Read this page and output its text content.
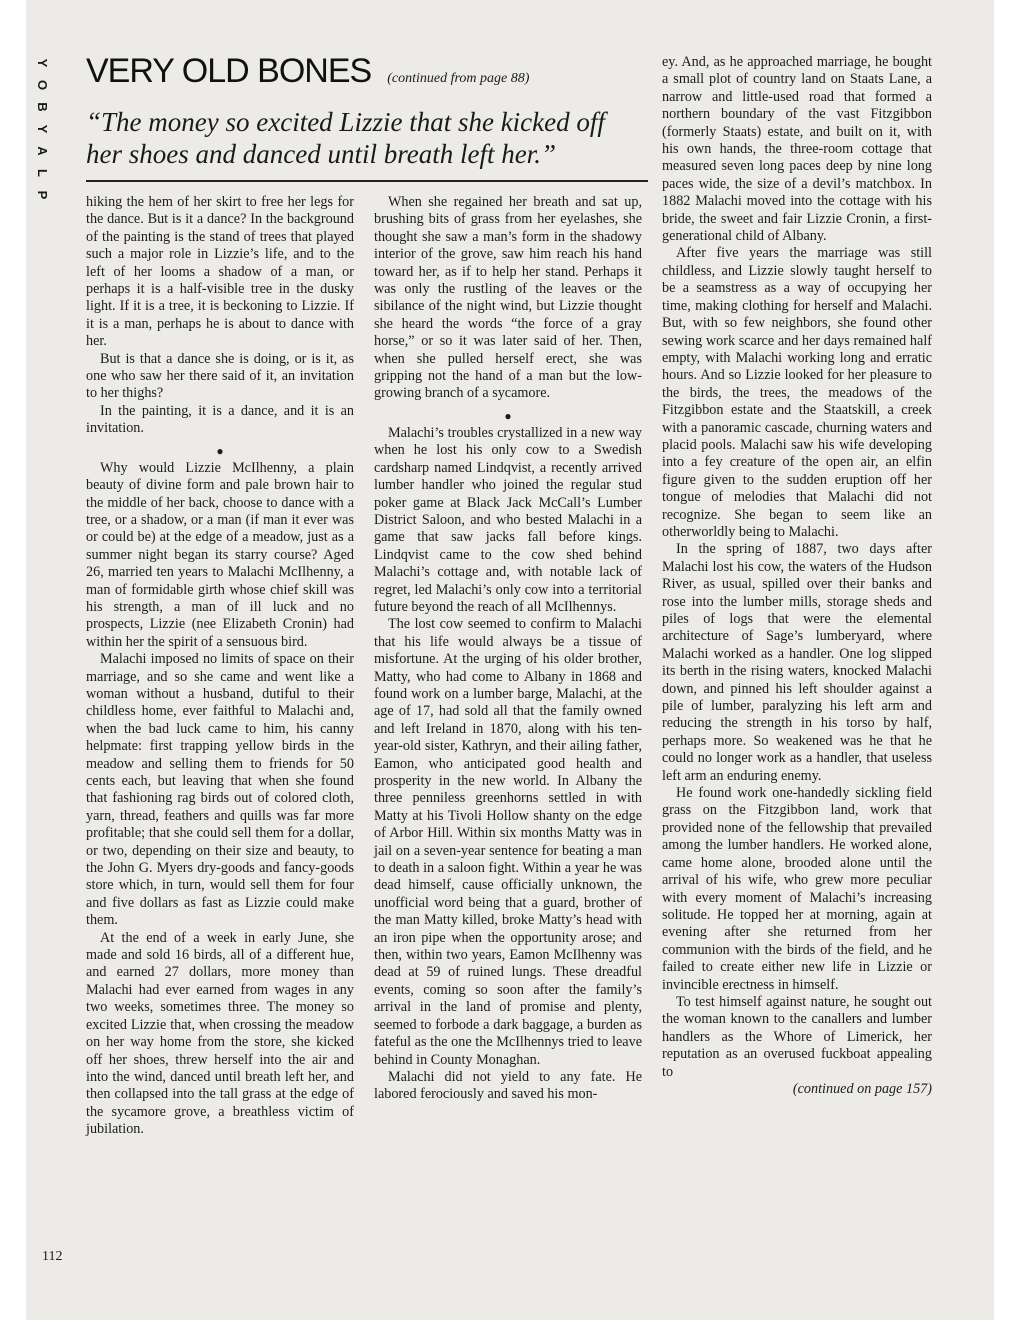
Y
O
B
Y
A
L
P
VERY OLD BONES (continued from page 88)
“The money so excited Lizzie that she kicked off her shoes and danced until breath left her.”

hiking the hem of her skirt to free her legs for the dance. But is it a dance? In the background of the painting is the stand of trees that played such a major role in Lizzie’s life, and to the left of her looms a shadow of a man, or perhaps it is a half-visible tree in the dusky light. If it is a tree, it is beckoning to Lizzie. If it is a man, perhaps he is about to dance with her.

But is that a dance she is doing, or is it, as one who saw her there said of it, an invitation to her thighs?

In the painting, it is a dance, and it is an invitation.

●

Why would Lizzie McIlhenny, a plain beauty of divine form and pale brown hair to the middle of her back, choose to dance with a tree, or a shadow, or a man (if man it ever was or could be) at the edge of a meadow, just as a summer night began its starry course? Aged 26, married ten years to Malachi McIlhenny, a man of formidable girth whose chief skill was his strength, a man of ill luck and no prospects, Lizzie (nee Elizabeth Cronin) had within her the spirit of a sensuous bird.

Malachi imposed no limits of space on their marriage, and so she came and went like a woman without a husband, dutiful to their childless home, ever faithful to Malachi and, when the bad luck came to him, his canny helpmate: first trapping yellow birds in the meadow and selling them to friends for 50 cents each, but leaving that when she found that fashioning rag birds out of colored cloth, yarn, thread, feathers and quills was far more profitable; that she could sell them for a dollar, or two, depending on their size and beauty, to the John G. Myers dry-goods and fancy-goods store which, in turn, would sell them for four and five dollars as fast as Lizzie could make them.

At the end of a week in early June, she made and sold 16 birds, all of a different hue, and earned 27 dollars, more money than Malachi had ever earned from wages in any two weeks, sometimes three. The money so excited Lizzie that, when crossing the meadow on her way home from the store, she kicked off her shoes, threw herself into the air and into the wind, danced until breath left her, and then collapsed into the tall grass at the edge of the sycamore grove, a breathless victim of jubilation.

When she regained her breath and sat up, brushing bits of grass from her eyelashes, she thought she saw a man’s form in the shadowy interior of the grove, saw him reach his hand toward her, as if to help her stand. Perhaps it was only the rustling of the leaves or the sibilance of the night wind, but Lizzie thought she heard the words “the force of a gray horse,” or so it was later said of her. Then, when she pulled herself erect, she was gripping not the hand of a man but the low-growing branch of a sycamore.

●

Malachi’s troubles crystallized in a new way when he lost his only cow to a Swedish cardsharp named Lindqvist, a recently arrived lumber handler who joined the regular stud poker game at Black Jack McCall’s Lumber District Saloon, and who bested Malachi in a game that saw jacks fall before kings. Lindqvist came to the cow shed behind Malachi’s cottage and, with notable lack of regret, led Malachi’s only cow into a territorial future beyond the reach of all McIlhennys.

The lost cow seemed to confirm to Malachi that his life would always be a tissue of misfortune. At the urging of his older brother, Matty, who had come to Albany in 1868 and found work on a lumber barge, Malachi, at the age of 17, had sold all that the family owned and left Ireland in 1870, along with his ten-year-old sister, Kathryn, and their ailing father, Eamon, who anticipated good health and prosperity in the new world. In Albany the three penniless greenhorns settled in with Matty at his Tivoli Hollow shanty on the edge of Arbor Hill. Within six months Matty was in jail on a seven-year sentence for beating a man to death in a saloon fight. Within a year he was dead himself, cause officially unknown, the unofficial word being that a guard, brother of the man Matty killed, broke Matty’s head with an iron pipe when the opportunity arose; and then, within two years, Eamon McIlhenny was dead at 59 of ruined lungs. These dreadful events, coming so soon after the family’s arrival in the land of promise and plenty, seemed to forbode a dark baggage, a burden as fateful as the one the McIlhennys tried to leave behind in County Monaghan.

Malachi did not yield to any fate. He labored ferociously and saved his mon-

ey. And, as he approached marriage, he bought a small plot of country land on Staats Lane, a narrow and little-used road that formed a northern boundary of the vast Fitzgibbon (formerly Staats) estate, and built on it, with his own hands, the three-room cottage that measured seven long paces deep by nine long paces wide, the size of a devil’s matchbox. In 1882 Malachi moved into the cottage with his bride, the sweet and fair Lizzie Cronin, a first-generational child of Albany.

After five years the marriage was still childless, and Lizzie slowly taught herself to be a seamstress as a way of occupying her time, making clothing for herself and Malachi. But, with so few neighbors, she found other sewing work scarce and her days remained half empty, with Malachi working long and erratic hours. And so Lizzie looked for her pleasure to the birds, the trees, the meadows of the Fitzgibbon estate and the Staatskill, a creek with a panoramic cascade, churning waters and placid pools. Malachi saw his wife developing into a fey creature of the open air, an elfin figure given to the sudden eruption off her tongue of melodies that Malachi did not recognize. She began to seem like an otherworldly being to Malachi.

In the spring of 1887, two days after Malachi lost his cow, the waters of the Hudson River, as usual, spilled over their banks and rose into the lumber mills, storage sheds and piles of logs that were the elemental architecture of Sage’s lumberyard, where Malachi worked as a handler. One log slipped its berth in the rising waters, knocked Malachi down, and pinned his left shoulder against a pile of lumber, paralyzing his left arm and reducing the strength in his torso by half, perhaps more. So weakened was he that he could no longer work as a handler, that useless left arm an enduring enemy.

He found work one-handedly sickling field grass on the Fitzgibbon land, work that provided none of the fellowship that prevailed among the lumber handlers. He worked alone, came home alone, brooded alone until the arrival of his wife, who grew more peculiar with every moment of Malachi’s increasing solitude. He topped her at morning, again at evening after she returned from her communion with the birds of the field, and he failed to create either new life in Lizzie or invincible erectness in himself.

To test himself against nature, he sought out the woman known to the canallers and lumber handlers as the Whore of Limerick, her reputation as an overused fuckboat appealing to

(continued on page 157)

112
